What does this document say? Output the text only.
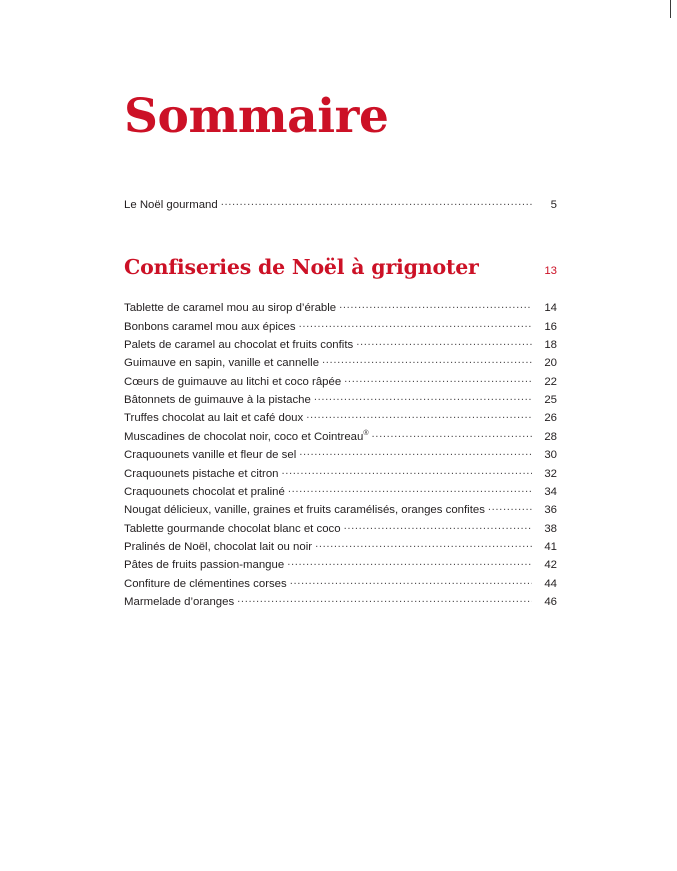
Sommaire
Le Noël gourmand .....	5
Confiseries de Noël à grignoter	13
Tablette de caramel mou au sirop d’érable .....	14
Bonbons caramel mou aux épices .....	16
Palets de caramel au chocolat et fruits confits .....	18
Guimauve en sapin, vanille et cannelle .....	20
Cœurs de guimauve au litchi et coco râpée .....	22
Bâtonnets de guimauve à la pistache .....	25
Truffes chocolat au lait et café doux .....	26
Muscadines de chocolat noir, coco et Cointreau® .....	28
Craquounets vanille et fleur de sel .....	30
Craquounets pistache et citron .....	32
Craquounets chocolat et praliné .....	34
Nougat délicieux, vanille, graines et fruits caramélisés, oranges confites .....	36
Tablette gourmande chocolat blanc et coco .....	38
Pralinés de Noël, chocolat lait ou noir .....	41
Pâtes de fruits passion-mangue .....	42
Confiture de clémentines corses .....	44
Marmelade d’oranges .....	46
